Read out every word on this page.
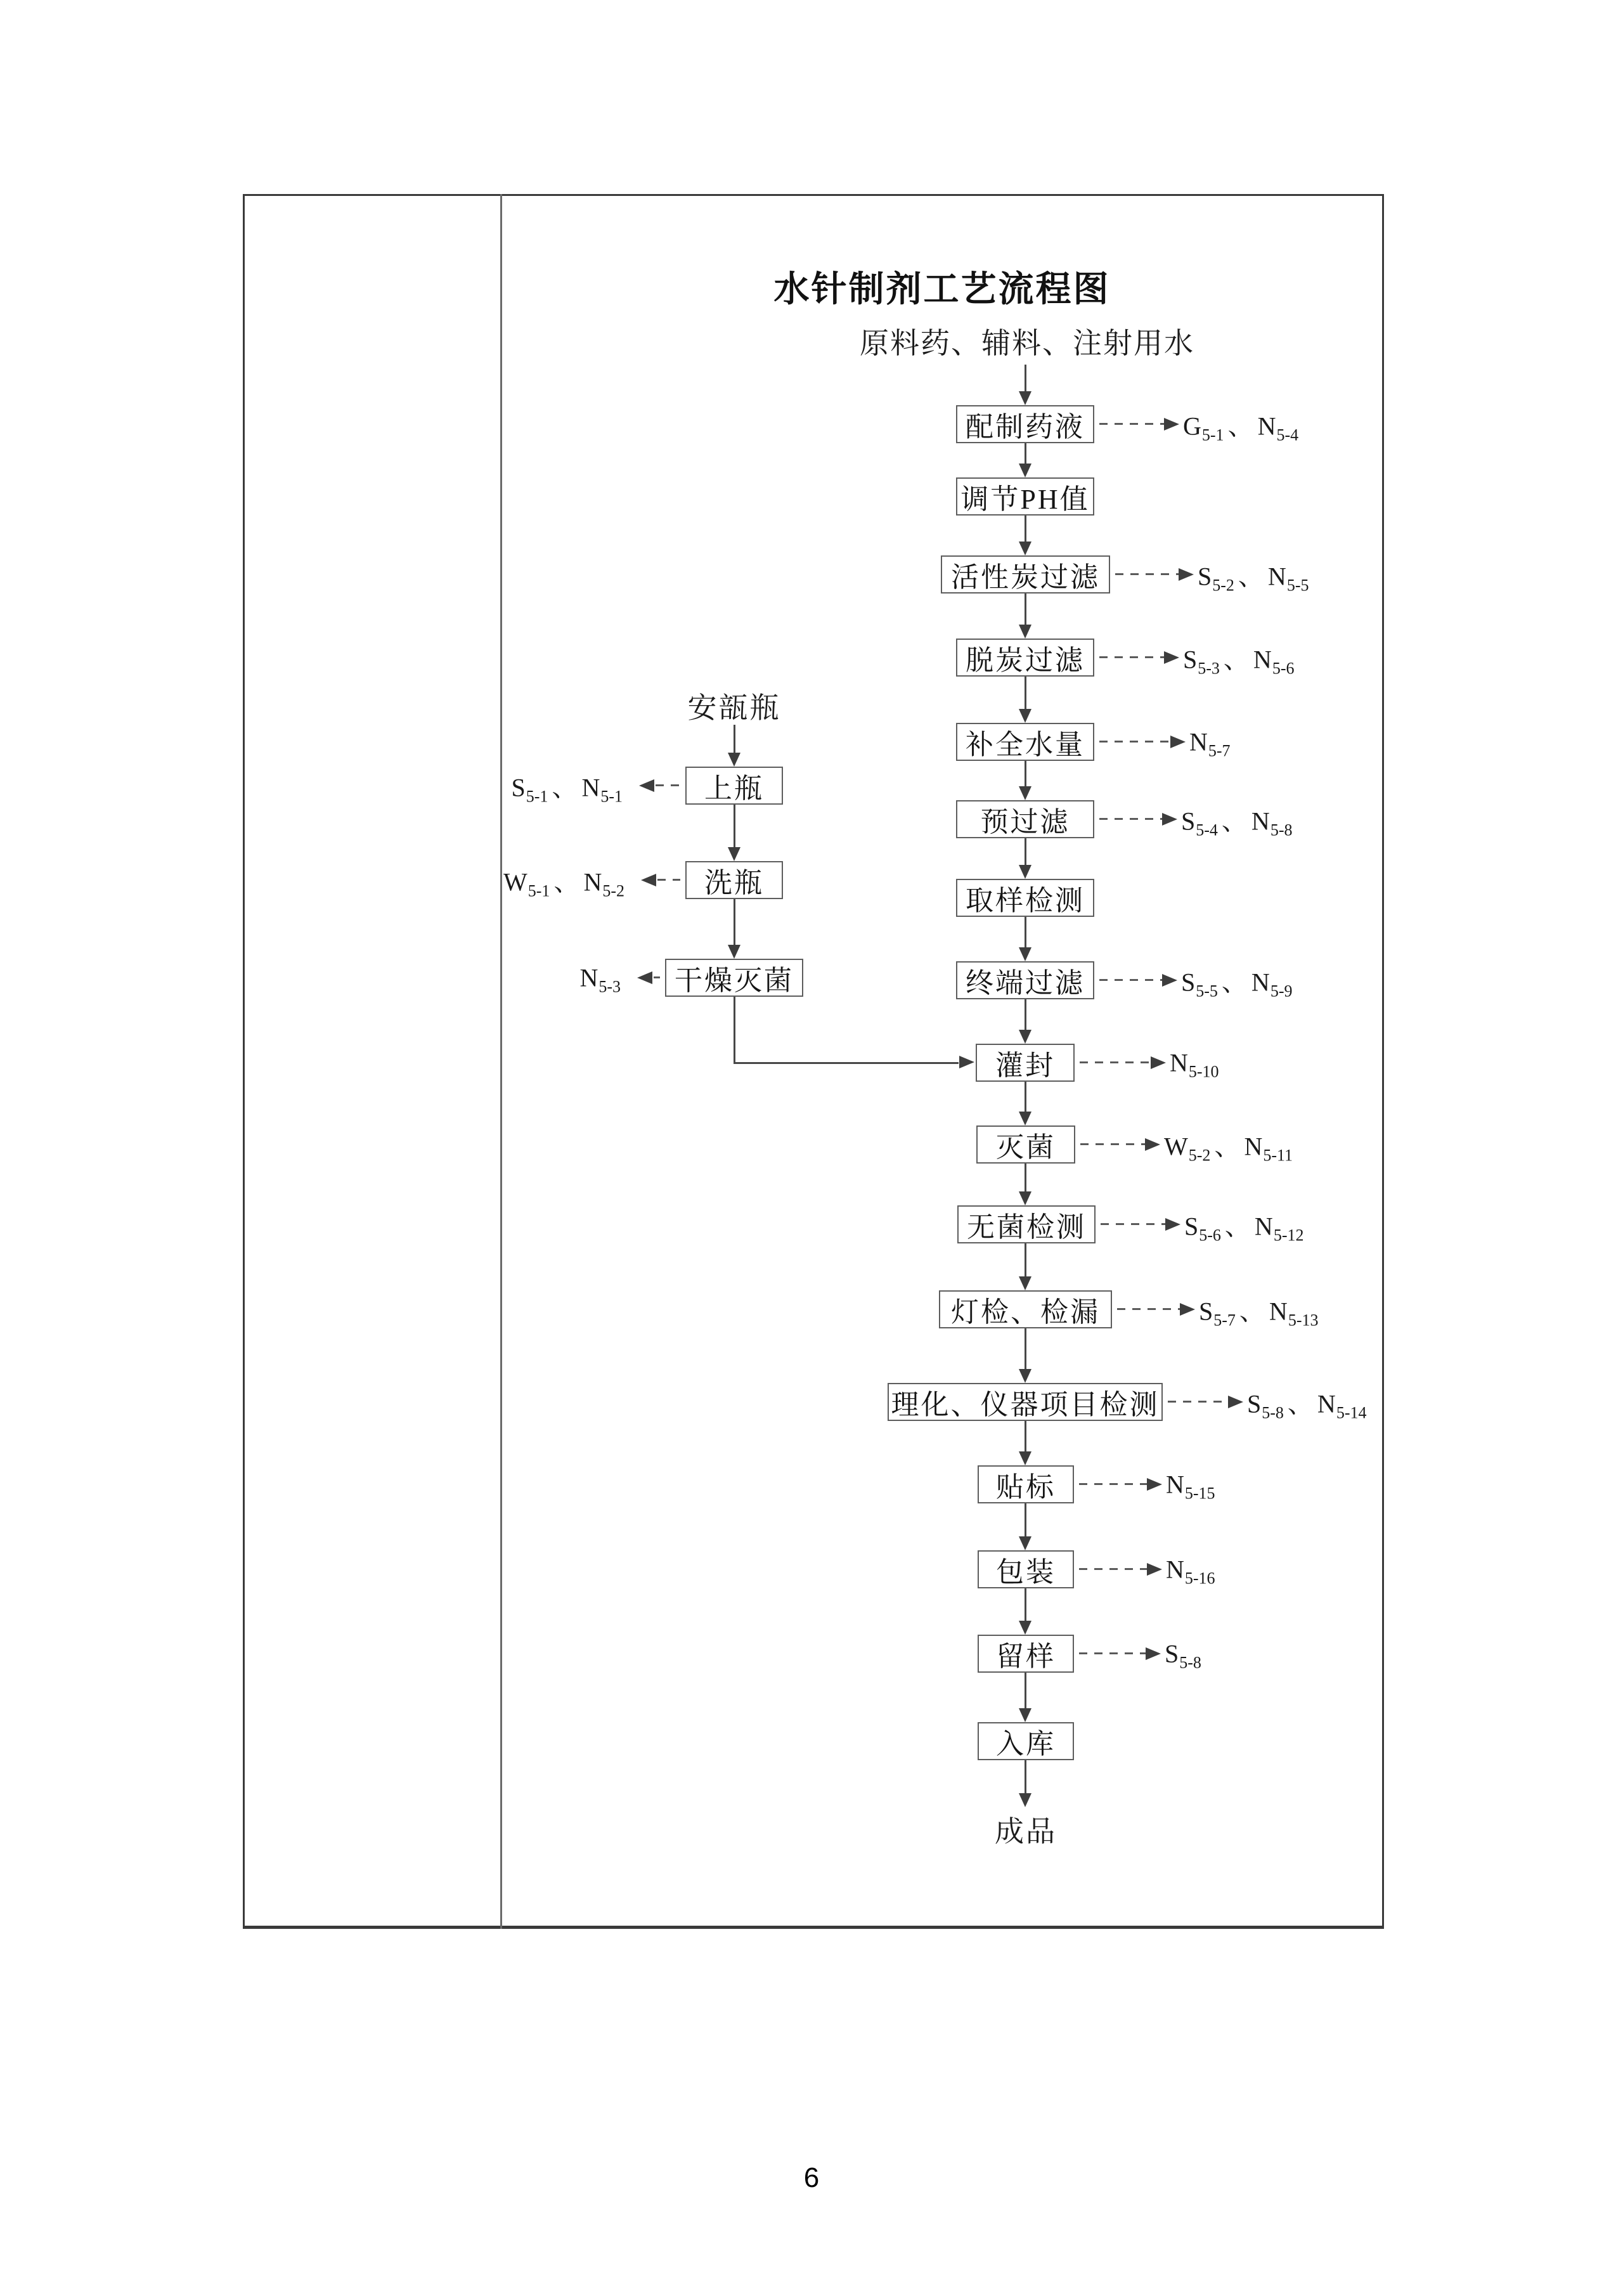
水针制剂工艺流程图
原料药、辅料、注射用水
安瓿瓶
成品
6
配制药液	$G_{5-1}$ 、 $N_{5-4}$
调节PH值
活性炭过滤	$S_{5-2}$ 、 $N_{5-5}$
脱炭过滤	$S_{5-3}$ 、 $N_{5-6}$
补全水量	$N_{5-7}$
预过滤	$S_{5-4}$ 、 $N_{5-8}$
取样检测
终端过滤	$S_{5-5}$ 、 $N_{5-9}$
灌封	$N_{5-10}$
灭菌	$W_{5-2}$ 、 $N_{5-11}$
无菌检测	$S_{5-6}$ 、 $N_{5-12}$
灯检、检漏	$S_{5-7}$ 、 $N_{5-13}$
理化、仪器项目检测	$S_{5-8}$ 、 $N_{5-14}$
贴标	$N_{5-15}$
包装	$N_{5-16}$
留样	$S_{5-8}$
入库
上瓶
$S_{5-1}$ 、 $N_{5-1}$
洗瓶
$W_{5-1}$ 、 $N_{5-2}$
干燥灭菌
$N_{5-3}$
